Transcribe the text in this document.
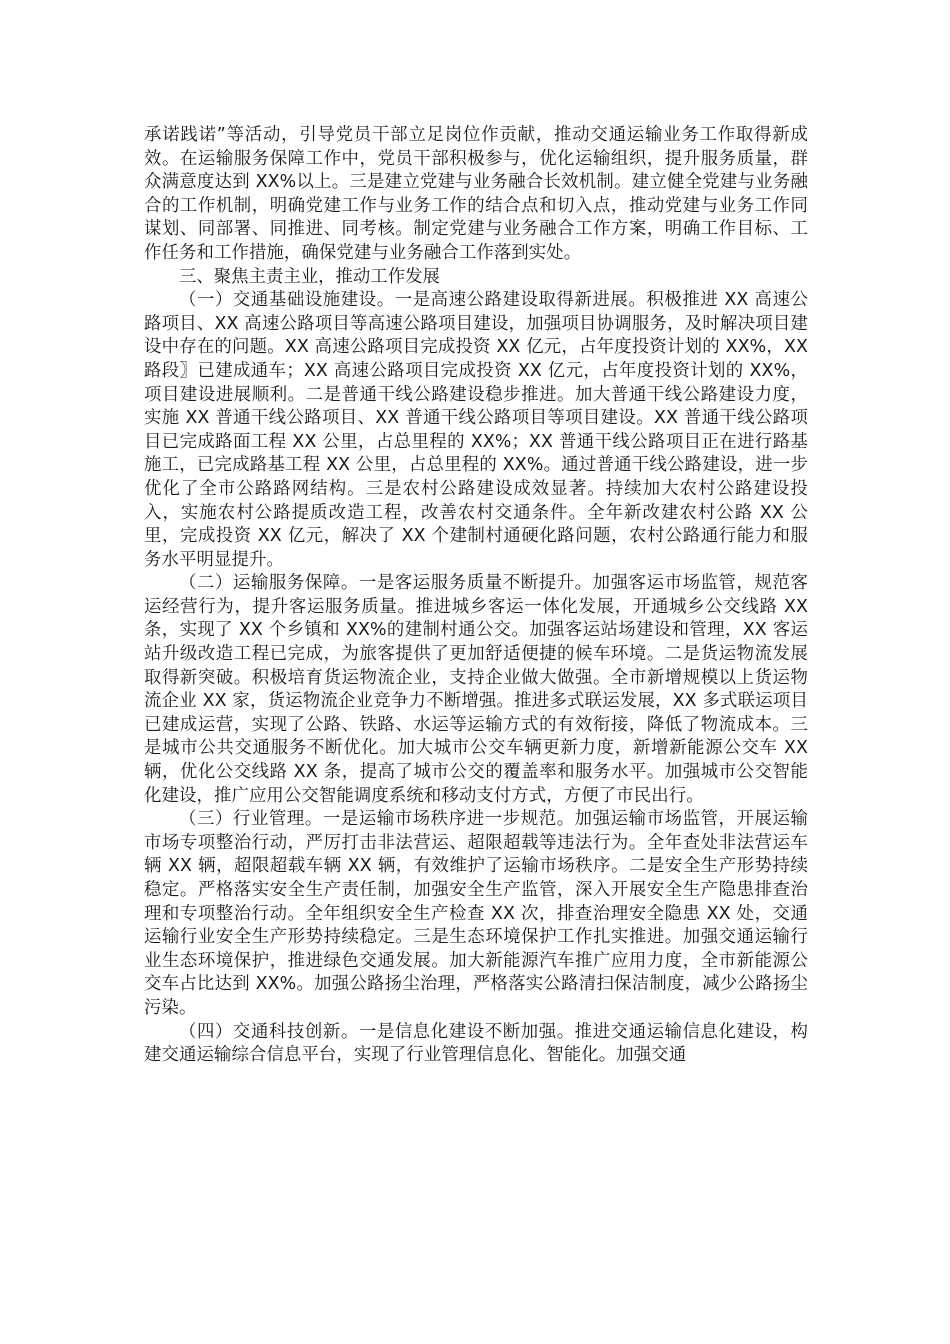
承诺践诺”等活动，引导党员干部立足岗位作贡献，推动交通运输业务工作取得新成效。在运输服务保障工作中，党员干部积极参与，优化运输组织，提升服务质量，群众满意度达到 XX%以上。三是建立党建与业务融合长效机制。建立健全党建与业务融合的工作机制，明确党建工作与业务工作的结合点和切入点，推动党建与业务工作同谋划、同部署、同推进、同考核。制定党建与业务融合工作方案，明确工作目标、工作任务和工作措施，确保党建与业务融合工作落到实处。

三、聚焦主责主业，推动工作发展

（一）交通基础设施建设。一是高速公路建设取得新进展。积极推进 XX 高速公路项目、XX 高速公路项目等高速公路项目建设，加强项目协调服务，及时解决项目建设中存在的问题。XX 高速公路项目完成投资 XX 亿元，占年度投资计划的 XX%，XX 路段〗已建成通车；XX 高速公路项目完成投资 XX 亿元，占年度投资计划的 XX%，项目建设进展顺利。二是普通干线公路建设稳步推进。加大普通干线公路建设力度，实施 XX 普通干线公路项目、XX 普通干线公路项目等项目建设。XX 普通干线公路项目已完成路面工程 XX 公里，占总里程的 XX%；XX 普通干线公路项目正在进行路基施工，已完成路基工程 XX 公里，占总里程的 XX%。通过普通干线公路建设，进一步优化了全市公路路网结构。三是农村公路建设成效显著。持续加大农村公路建设投入，实施农村公路提质改造工程，改善农村交通条件。全年新改建农村公路 XX 公里，完成投资 XX 亿元，解决了 XX 个建制村通硬化路问题，农村公路通行能力和服务水平明显提升。

（二）运输服务保障。一是客运服务质量不断提升。加强客运市场监管，规范客运经营行为，提升客运服务质量。推进城乡客运一体化发展，开通城乡公交线路 XX 条，实现了 XX 个乡镇和 XX%的建制村通公交。加强客运站场建设和管理，XX 客运站升级改造工程已完成，为旅客提供了更加舒适便捷的候车环境。二是货运物流发展取得新突破。积极培育货运物流企业，支持企业做大做强。全市新增规模以上货运物流企业 XX 家，货运物流企业竞争力不断增强。推进多式联运发展，XX 多式联运项目已建成运营，实现了公路、铁路、水运等运输方式的有效衔接，降低了物流成本。三是城市公共交通服务不断优化。加大城市公交车辆更新力度，新增新能源公交车 XX 辆，优化公交线路 XX 条，提高了城市公交的覆盖率和服务水平。加强城市公交智能化建设，推广应用公交智能调度系统和移动支付方式，方便了市民出行。

（三）行业管理。一是运输市场秩序进一步规范。加强运输市场监管，开展运输市场专项整治行动，严厉打击非法营运、超限超载等违法行为。全年查处非法营运车辆 XX 辆，超限超载车辆 XX 辆，有效维护了运输市场秩序。二是安全生产形势持续稳定。严格落实安全生产责任制，加强安全生产监管，深入开展安全生产隐患排查治理和专项整治行动。全年组织安全生产检查 XX 次，排查治理安全隐患 XX 处，交通运输行业安全生产形势持续稳定。三是生态环境保护工作扎实推进。加强交通运输行业生态环境保护，推进绿色交通发展。加大新能源汽车推广应用力度，全市新能源公交车占比达到 XX%。加强公路扬尘治理，严格落实公路清扫保洁制度，减少公路扬尘污染。

（四）交通科技创新。一是信息化建设不断加强。推进交通运输信息化建设，构建交通运输综合信息平台，实现了行业管理信息化、智能化。加强交通
